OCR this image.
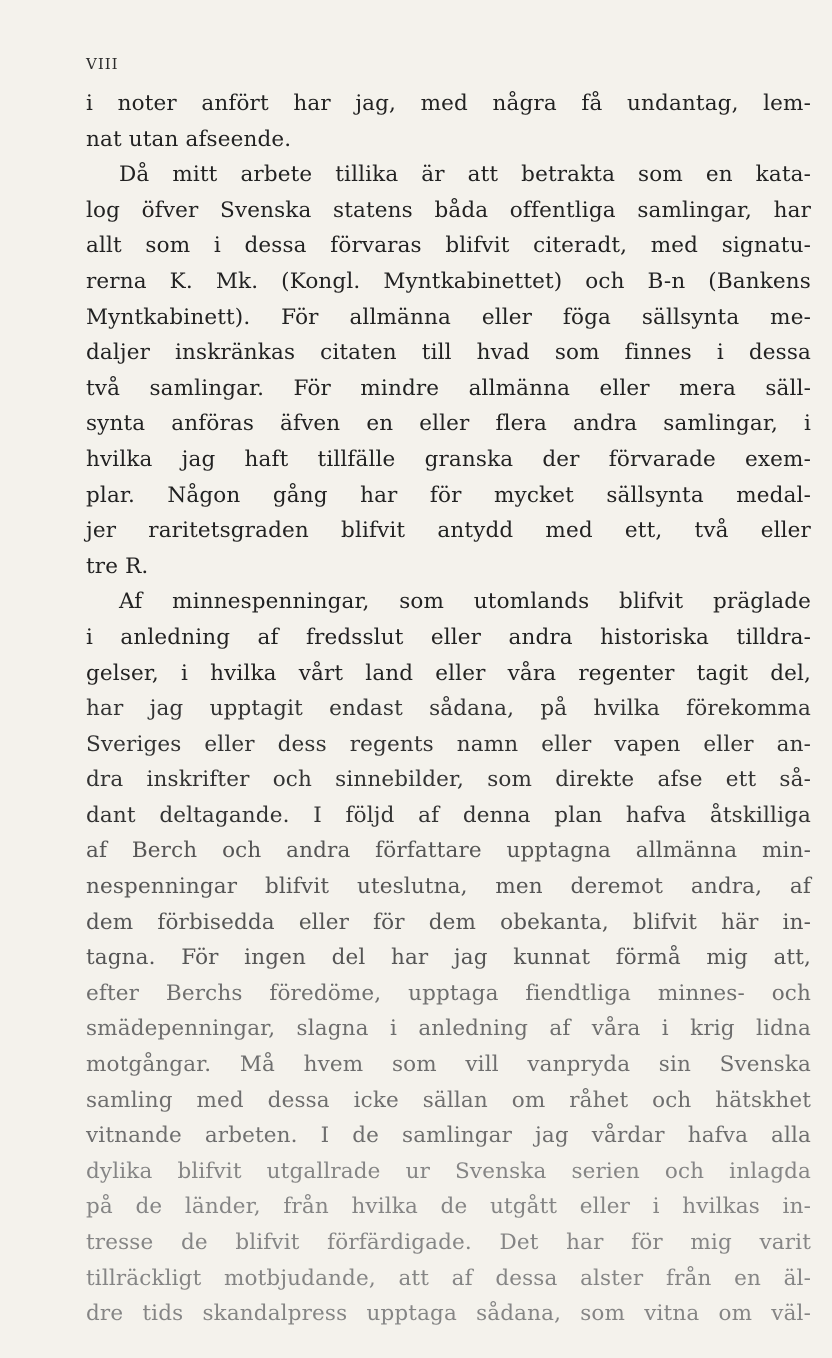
VIII
i noter anfört har jag, med några få undantag, lem-
nat utan afseende.
Då mitt arbete tillika är att betrakta som en kata-
log öfver Svenska statens båda offentliga samlingar, har
allt som i dessa förvaras blifvit citeradt, med signatu-
rerna K. Mk. (Kongl. Myntkabinettet) och B-n (Bankens
Myntkabinett). För allmänna eller föga sällsynta me-
daljer inskränkas citaten till hvad som finnes i dessa
två samlingar. För mindre allmänna eller mera säll-
synta anföras äfven en eller flera andra samlingar, i
hvilka jag haft tillfälle granska der förvarade exem-
plar. Någon gång har för mycket sällsynta medal-
jer raritetsgraden blifvit antydd med ett, två eller
tre R.
Af minnespenningar, som utomlands blifvit präglade
i anledning af fredsslut eller andra historiska tilldra-
gelser, i hvilka vårt land eller våra regenter tagit del,
har jag upptagit endast sådana, på hvilka förekomma
Sveriges eller dess regents namn eller vapen eller an-
dra inskrifter och sinnebilder, som direkte afse ett så-
dant deltagande. I följd af denna plan hafva åtskilliga
af Berch och andra författare upptagna allmänna min-
nespenningar blifvit uteslutna, men deremot andra, af
dem förbisedda eller för dem obekanta, blifvit här in-
tagna. För ingen del har jag kunnat förmå mig att,
efter Berchs föredöme, upptaga fiendtliga minnes- och
smädepenningar, slagna i anledning af våra i krig lidna
motgångar. Må hvem som vill vanpryda sin Svenska
samling med dessa icke sällan om råhet och hätskhet
vitnande arbeten. I de samlingar jag vårdar hafva alla
dylika blifvit utgallrade ur Svenska serien och inlagda
på de länder, från hvilka de utgått eller i hvilkas in-
tresse de blifvit förfärdigade. Det har för mig varit
tillräckligt motbjudande, att af dessa alster från en äl-
dre tids skandalpress upptaga sådana, som vitna om väl-
